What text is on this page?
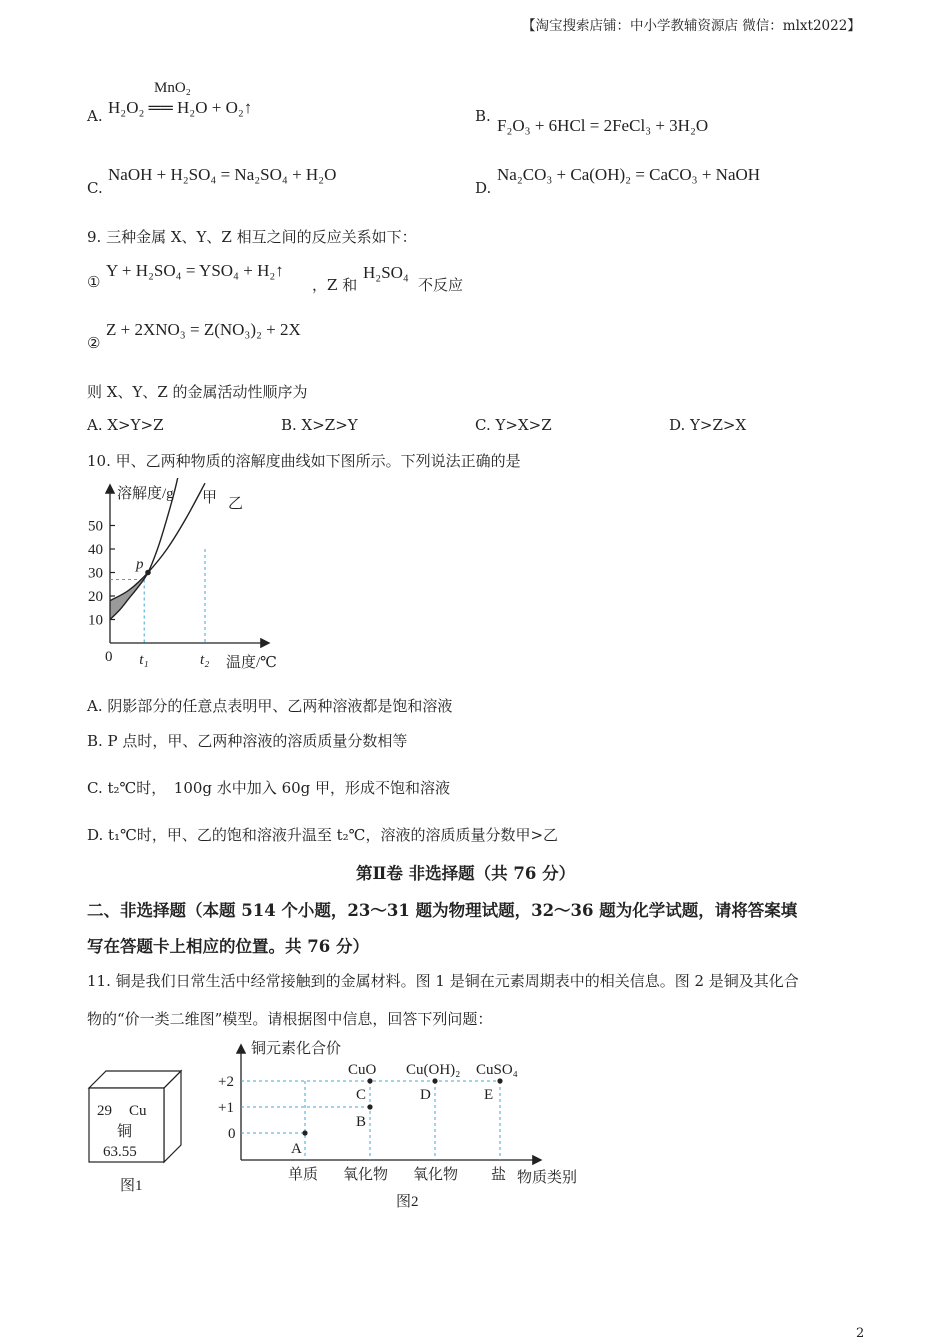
【淘宝搜索店铺：中小学教辅资源店 微信：mlxt2022】
A.
MnO₂
H₂O₂ ══ H₂O + O₂↑	B. F₂O₃ + 6HCl = 2FeCl₃ + 3H₂O
C.
NaOH + H₂SO₄ = Na₂SO₄ + H₂O
D.
Na₂CO₃ + Ca(OH)₂ = CaCO₃ + NaOH
9. 三种金属 X、Y、Z 相互之间的反应关系如下：
①
Y + H₂SO₄ = YSO₄ + H₂↑
，Z 和
H₂SO₄
不反应
②
Z + 2XNO₃ = Z(NO₃)₂ + 2X
则 X、Y、Z 的金属活动性顺序为
A. X>Y>Z	B. X>Z>Y	C. Y>X>Z	D. Y>Z>X
10. 甲、乙两种物质的溶解度曲线如下图所示。下列说法正确的是
10
20
30
40
50
p
溶解度/g 甲 乙
0 t₁	t₂ 温度/℃
A. 阴影部分的任意点表明甲、乙两种溶液都是饱和溶液
B. P 点时，甲、乙两种溶液的溶质质量分数相等
C. t₂℃时，　100g 水中加入 60g 甲，形成不饱和溶液
D. t₁℃时，甲、乙的饱和溶液升温至 t₂℃，溶液的溶质质量分数甲>乙
第Ⅱ卷 非选择题（共 76 分）
二、非选择题（本题 514 个小题，23～31 题为物理试题，32～36 题为化学试题，请将答案填
写在答题卡上相应的位置。共 76 分）
11. 铜是我们日常生活中经常接触到的金属材料。图 1 是铜在元素周期表中的相关信息。图 2 是铜及其化合
物的“价一类二维图”模型。请根据图中信息，回答下列问题：
29 Cu
铜
63.55
图1
铜元素化合价
+2
+1
0
CuO Cu(OH)₂ CuSO₄
A
B
C	D	E
单质 氧化物 氧化物 盐 物质类别
图2
2
